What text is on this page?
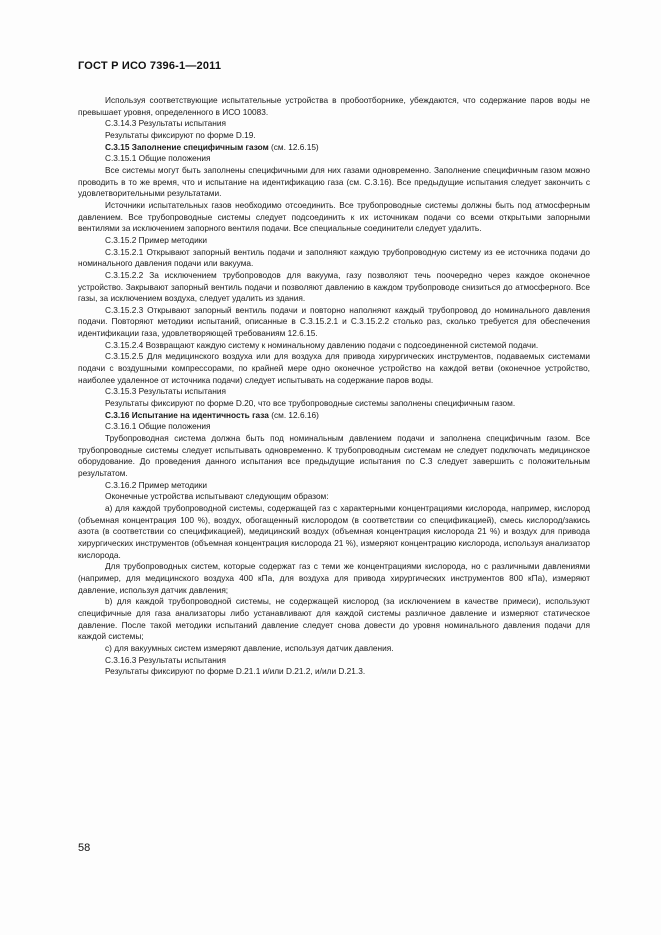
ГОСТ Р ИСО 7396-1—2011

Используя соответствующие испытательные устройства в пробоотборнике, убеждаются, что содержание паров воды не превышает уровня, определенного в ИСО 10083.

С.3.14.3 Результаты испытания

Результаты фиксируют по форме D.19.

С.3.15 Заполнение специфичным газом (см. 12.6.15)

С.3.15.1 Общие положения

Все системы могут быть заполнены специфичными для них газами одновременно. Заполнение специфичным газом можно проводить в то же время, что и испытание на идентификацию газа (см. С.3.16). Все предыдущие испытания следует закончить с удовлетворительными результатами.

Источники испытательных газов необходимо отсоединить. Все трубопроводные системы должны быть под атмосферным давлением. Все трубопроводные системы следует подсоединить к их источникам подачи со всеми открытыми запорными вентилями за исключением запорного вентиля подачи. Все специальные соединители следует удалить.

С.3.15.2 Пример методики

С.3.15.2.1 Открывают запорный вентиль подачи и заполняют каждую трубопроводную систему из ее источника подачи до номинального давления подачи или вакуума.

С.3.15.2.2 За исключением трубопроводов для вакуума, газу позволяют течь поочередно через каждое оконечное устройство. Закрывают запорный вентиль подачи и позволяют давлению в каждом трубопроводе снизиться до атмосферного. Все газы, за исключением воздуха, следует удалить из здания.

С.3.15.2.3 Открывают запорный вентиль подачи и повторно наполняют каждый трубопровод до номинального давления подачи. Повторяют методики испытаний, описанные в С.3.15.2.1 и С.3.15.2.2 столько раз, сколько требуется для обеспечения идентификации газа, удовлетворяющей требованиям 12.6.15.

С.3.15.2.4 Возвращают каждую систему к номинальному давлению подачи с подсоединенной системой подачи.

С.3.15.2.5 Для медицинского воздуха или для воздуха для привода хирургических инструментов, подаваемых системами подачи с воздушными компрессорами, по крайней мере одно оконечное устройство на каждой ветви (оконечное устройство, наиболее удаленное от источника подачи) следует испытывать на содержание паров воды.

С.3.15.3 Результаты испытания

Результаты фиксируют по форме D.20, что все трубопроводные системы заполнены специфичным газом.

С.3.16 Испытание на идентичность газа (см. 12.6.16)

С.3.16.1 Общие положения

Трубопроводная система должна быть под номинальным давлением подачи и заполнена специфичным газом. Все трубопроводные системы следует испытывать одновременно. К трубопроводным системам не следует подключать медицинское оборудование. До проведения данного испытания все предыдущие испытания по С.3 следует завершить с положительным результатом.

С.3.16.2 Пример методики

Оконечные устройства испытывают следующим образом:

а) для каждой трубопроводной системы, содержащей газ с характерными концентрациями кислорода, например, кислород (объемная концентрация 100 %), воздух, обогащенный кислородом (в соответствии со спецификацией), смесь кислород/закись азота (в соответствии со спецификацией), медицинский воздух (объемная концентрация кислорода 21 %) и воздух для привода хирургических инструментов (объемная концентрация кислорода 21 %), измеряют концентрацию кислорода, используя анализатор кислорода.

Для трубопроводных систем, которые содержат газ с теми же концентрациями кислорода, но с различными давлениями (например, для медицинского воздуха 400 кПа, для воздуха для привода хирургических инструментов 800 кПа), измеряют давление, используя датчик давления;

b) для каждой трубопроводной системы, не содержащей кислород (за исключением в качестве примеси), используют специфичные для газа анализаторы либо устанавливают для каждой системы различное давление и измеряют статическое давление. После такой методики испытаний давление следует снова довести до уровня номинального давления подачи для каждой системы;

с) для вакуумных систем измеряют давление, используя датчик давления.

С.3.16.3 Результаты испытания

Результаты фиксируют по форме D.21.1 и/или D.21.2, и/или D.21.3.

58
